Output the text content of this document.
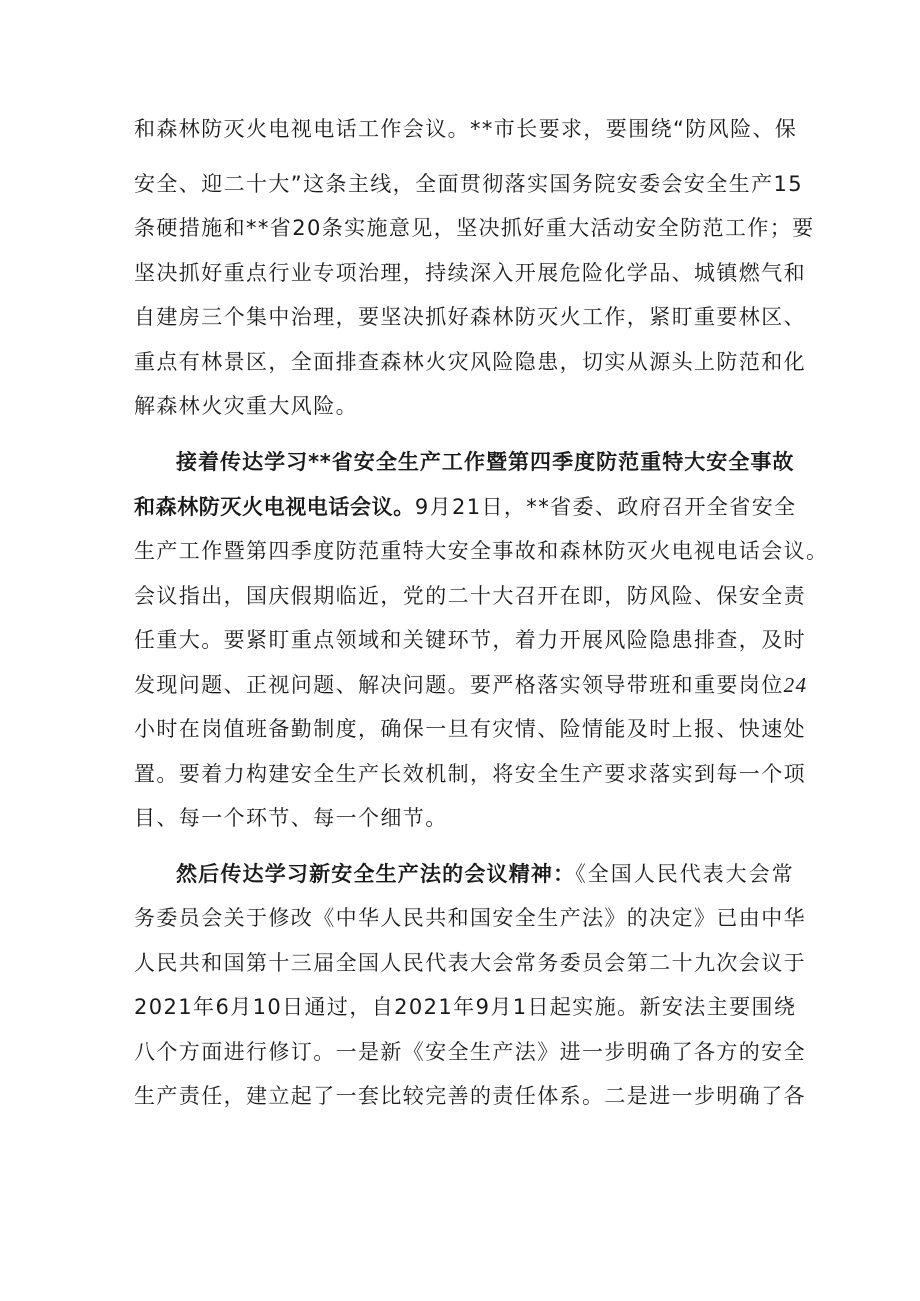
和森林防灭火电视电话工作会议。**市长要求，要围绕“防风险、保
安全、迎二十大”这条主线，全面贯彻落实国务院安委会安全生产15
条硬措施和**省20条实施意见，坚决抓好重大活动安全防范工作；要
坚决抓好重点行业专项治理，持续深入开展危险化学品、城镇燃气和
自建房三个集中治理，要坚决抓好森林防灭火工作，紧盯重要林区、
重点有林景区，全面排查森林火灾风险隐患，切实从源头上防范和化
解森林火灾重大风险。
接着传达学习**省安全生产工作暨第四季度防范重特大安全事故
和森林防灭火电视电话会议。9月21日，**省委、政府召开全省安全
生产工作暨第四季度防范重特大安全事故和森林防灭火电视电话会议。
会议指出，国庆假期临近，党的二十大召开在即，防风险、保安全责
任重大。要紧盯重点领域和关键环节，着力开展风险隐患排查，及时
发现问题、正视问题、解决问题。要严格落实领导带班和重要岗位24
小时在岗值班备勤制度，确保一旦有灾情、险情能及时上报、快速处
置。要着力构建安全生产长效机制，将安全生产要求落实到每一个项
目、每一个环节、每一个细节。
然后传达学习新安全生产法的会议精神：《全国人民代表大会常
务委员会关于修改《中华人民共和国安全生产法》的决定》已由中华
人民共和国第十三届全国人民代表大会常务委员会第二十九次会议于
2021年6月10日通过，自2021年9月1日起实施。新安法主要围绕
八个方面进行修订。一是新《安全生产法》进一步明确了各方的安全
生产责任，建立起了一套比较完善的责任体系。二是进一步明确了各
